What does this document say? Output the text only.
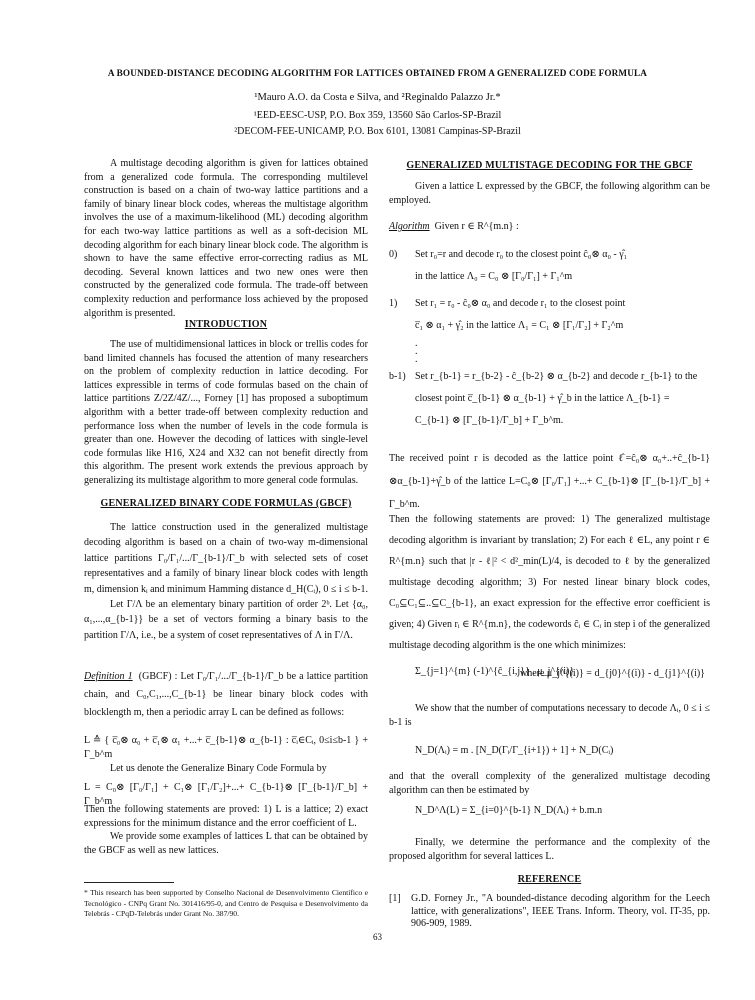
A BOUNDED-DISTANCE DECODING ALGORITHM FOR LATTICES OBTAINED FROM A GENERALIZED CODE FORMULA
¹Mauro A.O. da Costa e Silva, and ²Reginaldo Palazzo Jr.*
¹EED-EESC-USP, P.O. Box 359, 13560 São Carlos-SP-Brazil
²DECOM-FEE-UNICAMP, P.O. Box 6101, 13081 Campinas-SP-Brazil

A multistage decoding algorithm is given for lattices obtained from a generalized code formula. The corresponding multilevel construction is based on a chain of two-way lattice partitions and a family of binary linear block codes, whereas the multistage algorithm involves the use of a maximum-likelihood (ML) decoding algorithm for each two-way lattice partitions as well as a soft-decision ML decoding algorithm for each binary linear block code. The algorithm is shown to have the same effective error-correcting radius as ML decoding. Several known lattices and two new ones were then constructed by the generalized code formula. The trade-off between complexity reduction and performance loss achieved by the proposed algorithm is presented.

INTRODUCTION

The use of multidimensional lattices in block or trellis codes for band limited channels has focused the attention of many researchers on the problem of complexity reduction in lattice decoding. For lattices expressible in terms of code formulas based on the chain of lattice partitions Z/2Z/4Z/..., Forney [1] has proposed a suboptimum algorithm with a better trade-off between complexity reduction and performance loss when the number of levels in the code formula is greater than one. However the decoding of lattices with single-level code formulas like H16, X24 and X32 can not benefit directly from this algorithm. The present work extends the previous approach by generalizing its multistage algorithm to more general code formulas.

GENERALIZED BINARY CODE FORMULAS (GBCF)

The lattice construction used in the generalized multistage decoding algorithm is based on a chain of two-way m-dimensional lattice partitions Γ₀/Γ₁/.../Γ_{b-1}/Γ_b with selected sets of coset representatives and a family of binary linear block codes with length m, dimension kᵢ and minimum Hamming distance d_H(Cᵢ), 0 ≤ i ≤ b-1.

Let Γ/Λ be an elementary binary partition of order 2ᵇ. Let {α₀, α₁,...,α_{b-1}} be a set of vectors forming a binary basis to the partition Γ/Λ, i.e., be a system of coset representatives of Λ in Γ/Λ.

Definition 1 (GBCF) : Let Γ₀/Γ₁/.../Γ_{b-1}/Γ_b be a lattice partition chain, and C₀,C₁,...,C_{b-1} be linear binary block codes with blocklength m, then a periodic array L can be defined as follows:

L ≙ { c̅₀⊗ α₀ + c̅₁⊗ α₁ +...+ c̅_{b-1}⊗ α_{b-1} : c̅ᵢ∈Cᵢ, 0≤i≤b-1 } + Γ_b^m

Let us denote the Generalize Binary Code Formula by

L = C₀⊗ [Γ₀/Γ₁] + C₁⊗ [Γ₁/Γ₂]+...+ C_{b-1}⊗ [Γ_{b-1}/Γ_b] + Γ_b^m

Then the following statements are proved: 1) L is a lattice; 2) exact expressions for the minimum distance and the error coefficient of L.

We provide some examples of lattices L that can be obtained by the GBCF as well as new lattices.

* This research has been supported by Conselho Nacional de Desenvolvimento Científico e Tecnológico - CNPq Grant No. 301416/95-0, and Centro de Pesquisa e Desenvolvimento da Telebrás - CPqD-Telebrás under Grant No. 387/90.
GENERALIZED MULTISTAGE DECODING FOR THE GBCF

Given a lattice L expressed by the GBCF, the following algorithm can be employed.

Algorithm Given r ∈ R^{m.n} :
0) Set r₀=r and decode r₀ to the closest point ĉ₀⊗ α₀ - γ̂₁
in the lattice Λ₀ = C₀ ⊗ [Γ₀/Γ₁] + Γ₁^m
1) Set r₁ = r₀ - ĉ₀⊗ α₀ and decode r₁ to the closest point
c̅₁ ⊗ α₁ + γ̂₂ in the lattice Λ₁ = C₁ ⊗ [Γ₁/Γ₂] + Γ₂^m
.
.
.
b-1) Set r_{b-1} = r_{b-2} - ĉ_{b-2} ⊗ α_{b-2} and decode r_{b-1} to the
closest point c̅_{b-1} ⊗ α_{b-1} + γ̂_b in the lattice Λ_{b-1} =
C_{b-1} ⊗ [Γ_{b-1}/Γ_b] + Γ_b^m.
The received point r is decoded as the lattice point ℓ̂=ĉ₀⊗ α₀+..+ĉ_{b-1}⊗α_{b-1}+γ̂_b of the lattice L=C₀⊗ [Γ₀/Γ₁] +...+ C_{b-1}⊗ [Γ_{b-1}/Γ_b] + Γ_b^m.
Then the following statements are proved: 1) The generalized multistage decoding algorithm is invariant by translation; 2) For each ℓ ∈L, any point r ∈ R^{m.n} such that |r - ℓ|² < d²_min(L)/4, is decoded to ℓ by the generalized multistage decoding algorithm; 3) For nested linear binary block codes, C₀⊆C₁⊆..⊆C_{b-1}, an exact expression for the effective error coefficient is given; 4) Given rᵢ ∈ R^{m.n}, the codewords ĉᵢ ∈ Cᵢ in step i of the generalized multistage decoding algorithm is the one which minimizes:
Σ_{j=1}^{m} (-1)^{ĉ_{i,j}} . μ_j^{(i)}
where μ_j^{(i)} = d_{j0}^{(i)} - d_{j1}^{(i)}

We show that the number of computations necessary to decode Λᵢ, 0 ≤ i ≤ b-1 is

N_D(Λᵢ) = m . [N_D(Γᵢ/Γ_{i+1}) + 1] + N_D(Cᵢ)
and that the overall complexity of the generalized multistage decoding algorithm can then be estimated by
N_D^Λ(L) = Σ_{i=0}^{b-1} N_D(Λᵢ) + b.m.n

Finally, we determine the performance and the complexity of the proposed algorithm for several lattices L.

REFERENCE
[1] G.D. Forney Jr., "A bounded-distance decoding algorithm for the Leech lattice, with generalizations", IEEE Trans. Inform. Theory, vol. IT-35, pp. 906-909, 1989.
63
